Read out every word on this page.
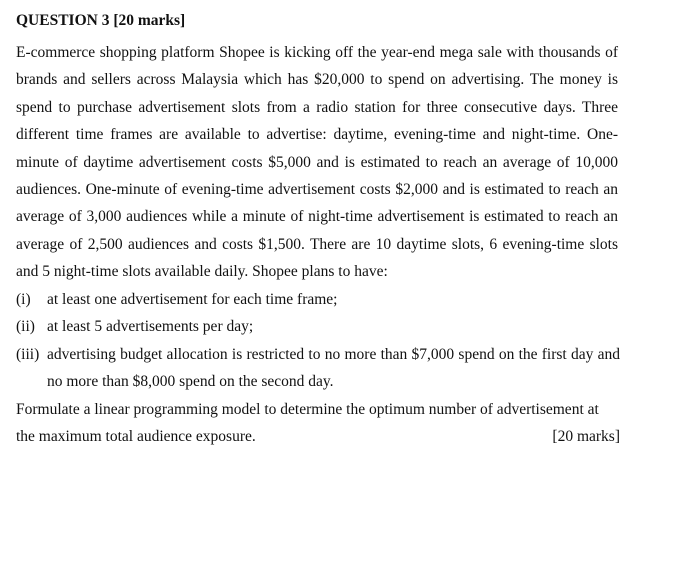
QUESTION 3 [20 marks]

E-commerce shopping platform Shopee is kicking off the year-end mega sale with thousands of brands and sellers across Malaysia which has $20,000 to spend on advertising. The money is spend to purchase advertisement slots from a radio station for three consecutive days. Three different time frames are available to advertise: daytime, evening-time and night-time. One-minute of daytime advertisement costs $5,000 and is estimated to reach an average of 10,000 audiences. One-minute of evening-time advertisement costs $2,000 and is estimated to reach an average of 3,000 audiences while a minute of night-time advertisement is estimated to reach an average of 2,500 audiences and costs $1,500. There are 10 daytime slots, 6 evening-time slots and 5 night-time slots available daily. Shopee plans to have:

(i) at least one advertisement for each time frame;
(ii) at least 5 advertisements per day;
(iii) advertising budget allocation is restricted to no more than $7,000 spend on the first day and no more than $8,000 spend on the second day.
Formulate a linear programming model to determine the optimum number of advertisement at
the maximum total audience exposure.	[20 marks]
